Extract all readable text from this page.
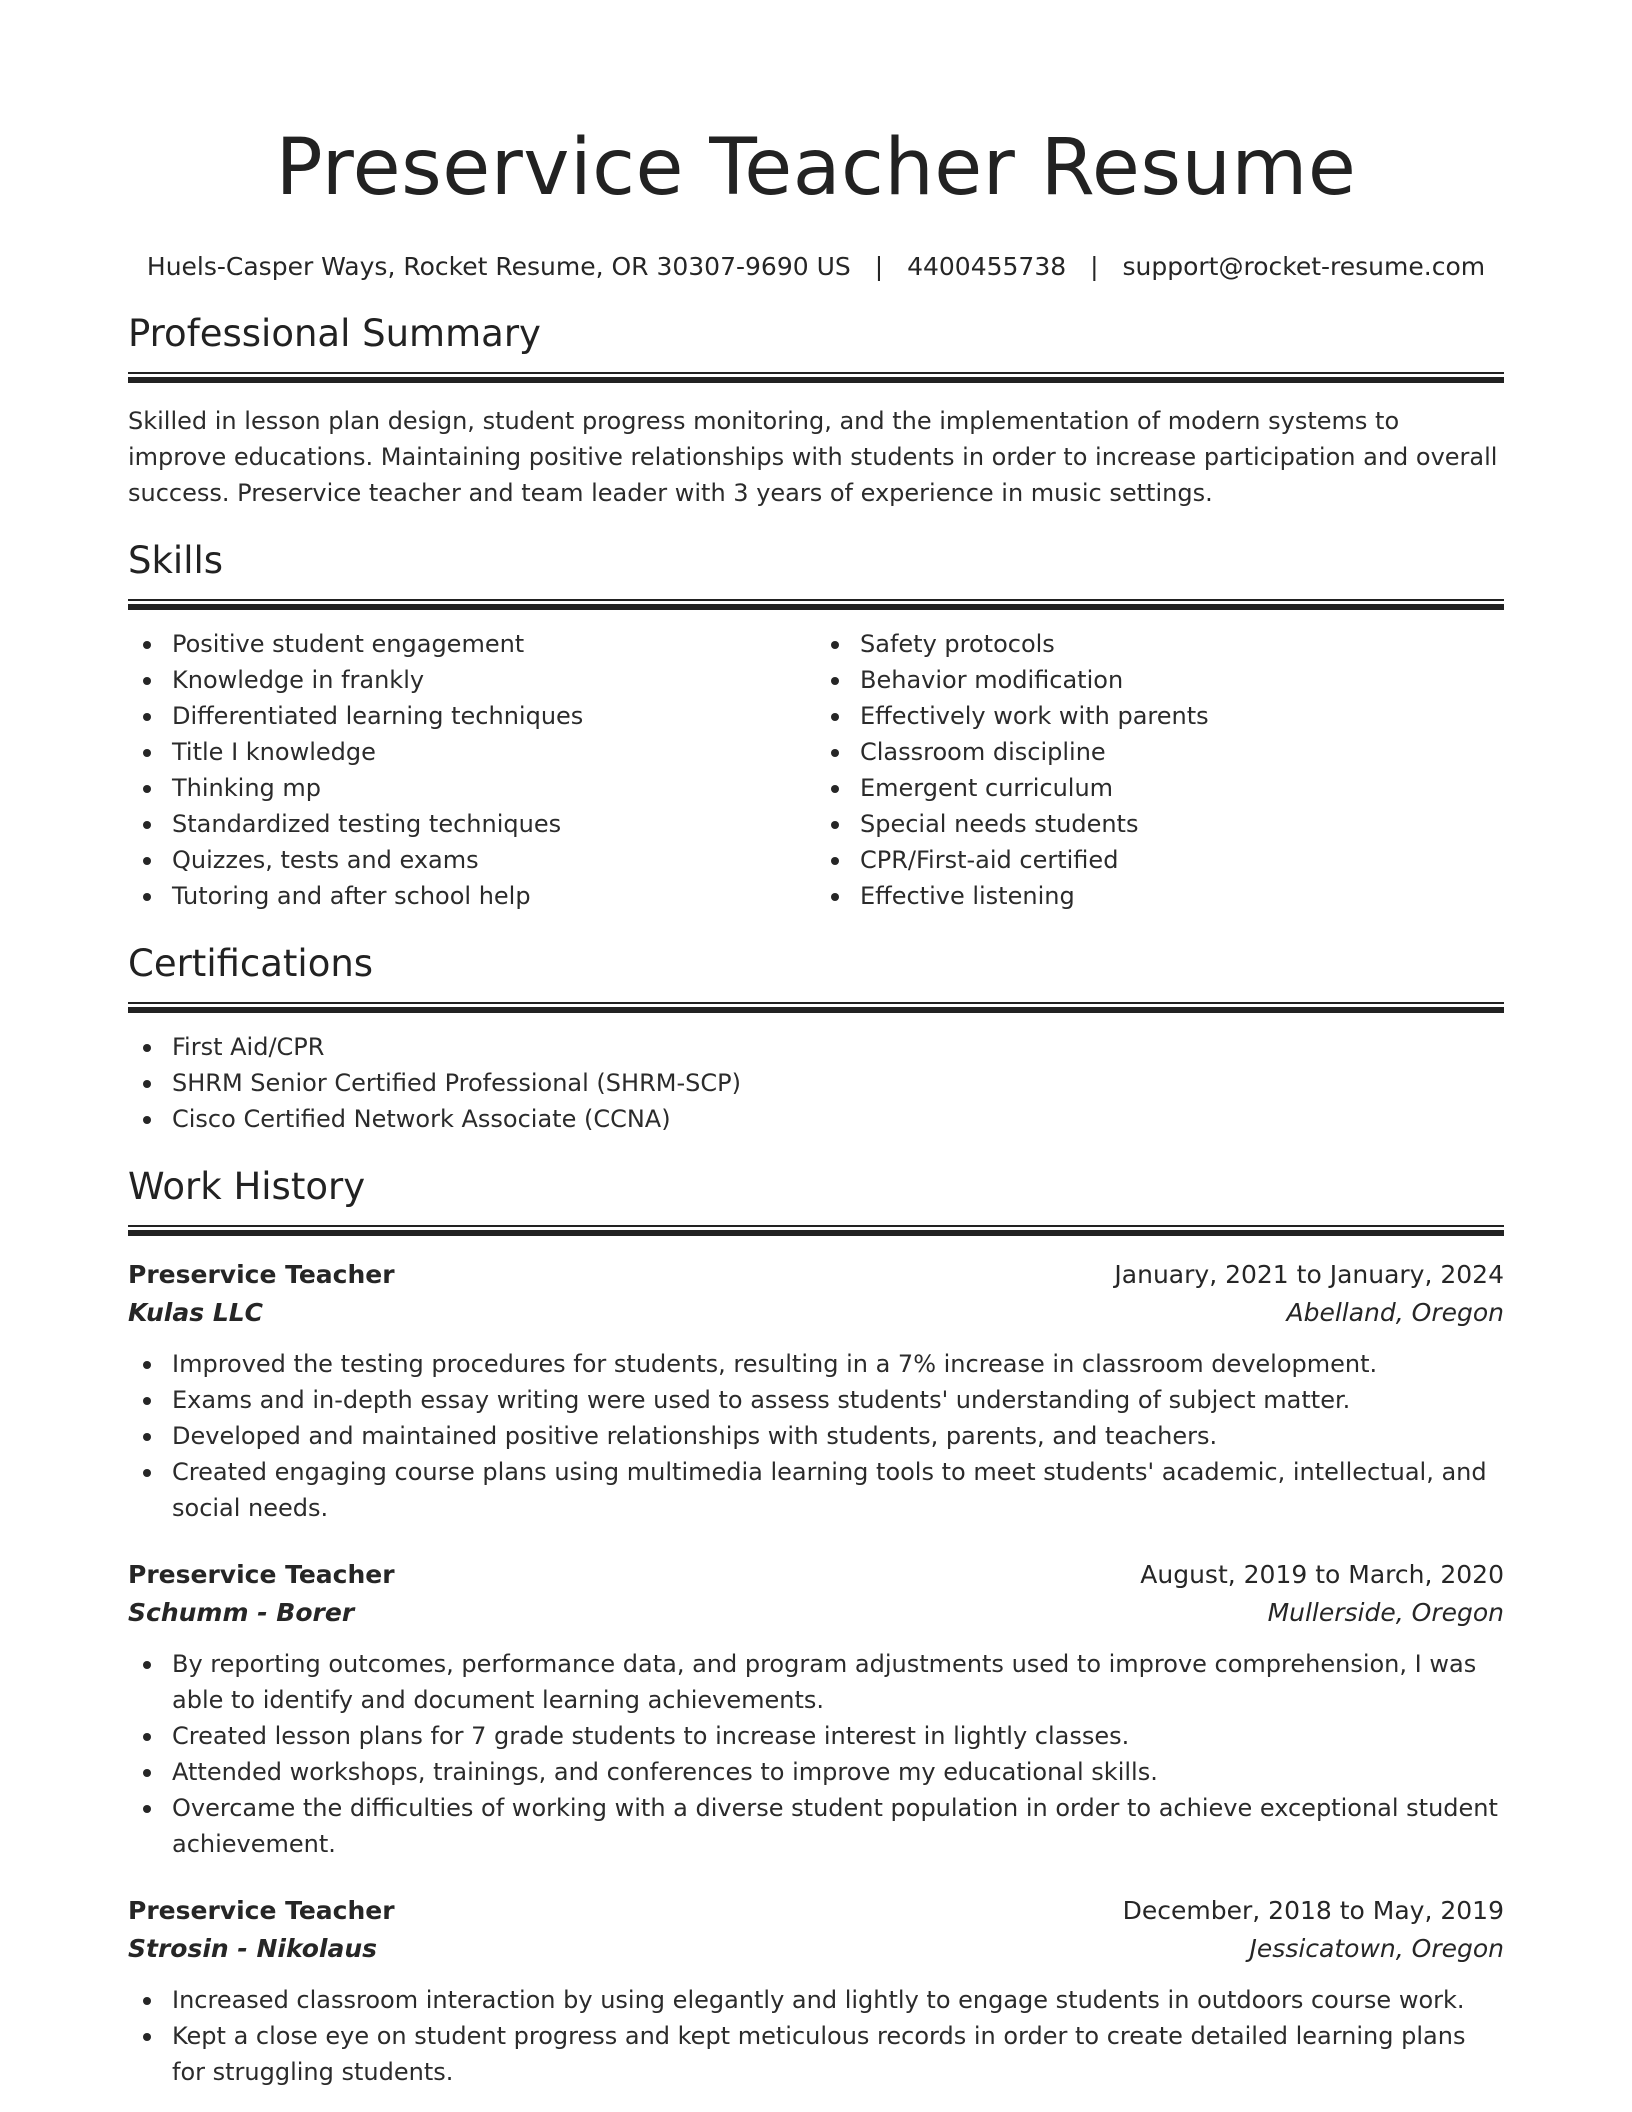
Preservice Teacher Resume
Huels-Casper Ways, Rocket Resume, OR 30307-9690 US | 4400455738 | support@rocket-resume.com
Professional Summary

Skilled in lesson plan design, student progress monitoring, and the implementation of modern systems to improve educations. Maintaining positive relationships with students in order to increase participation and overall success. Preservice teacher and team leader with 3 years of experience in music settings.

Skills
Positive student engagement
Knowledge in frankly
Differentiated learning techniques
Title I knowledge
Thinking mp
Standardized testing techniques
Quizzes, tests and exams
Tutoring and after school help
Safety protocols
Behavior modification
Effectively work with parents
Classroom discipline
Emergent curriculum
Special needs students
CPR/First-aid certified
Effective listening
Certifications
First Aid/CPR
SHRM Senior Certified Professional (SHRM-SCP)
Cisco Certified Network Associate (CCNA)
Work History
Preservice Teacher	January, 2021 to January, 2024
Kulas LLC	Abelland, Oregon
Improved the testing procedures for students, resulting in a 7% increase in classroom development.
Exams and in-depth essay writing were used to assess students' understanding of subject matter.
Developed and maintained positive relationships with students, parents, and teachers.
Created engaging course plans using multimedia learning tools to meet students' academic, intellectual, and social needs.
Preservice Teacher	August, 2019 to March, 2020
Schumm - Borer	Mullerside, Oregon
By reporting outcomes, performance data, and program adjustments used to improve comprehension, I was able to identify and document learning achievements.
Created lesson plans for 7 grade students to increase interest in lightly classes.
Attended workshops, trainings, and conferences to improve my educational skills.
Overcame the difficulties of working with a diverse student population in order to achieve exceptional student achievement.
Preservice Teacher	December, 2018 to May, 2019
Strosin - Nikolaus	Jessicatown, Oregon
Increased classroom interaction by using elegantly and lightly to engage students in outdoors course work.
Kept a close eye on student progress and kept meticulous records in order to create detailed learning plans for struggling students.
